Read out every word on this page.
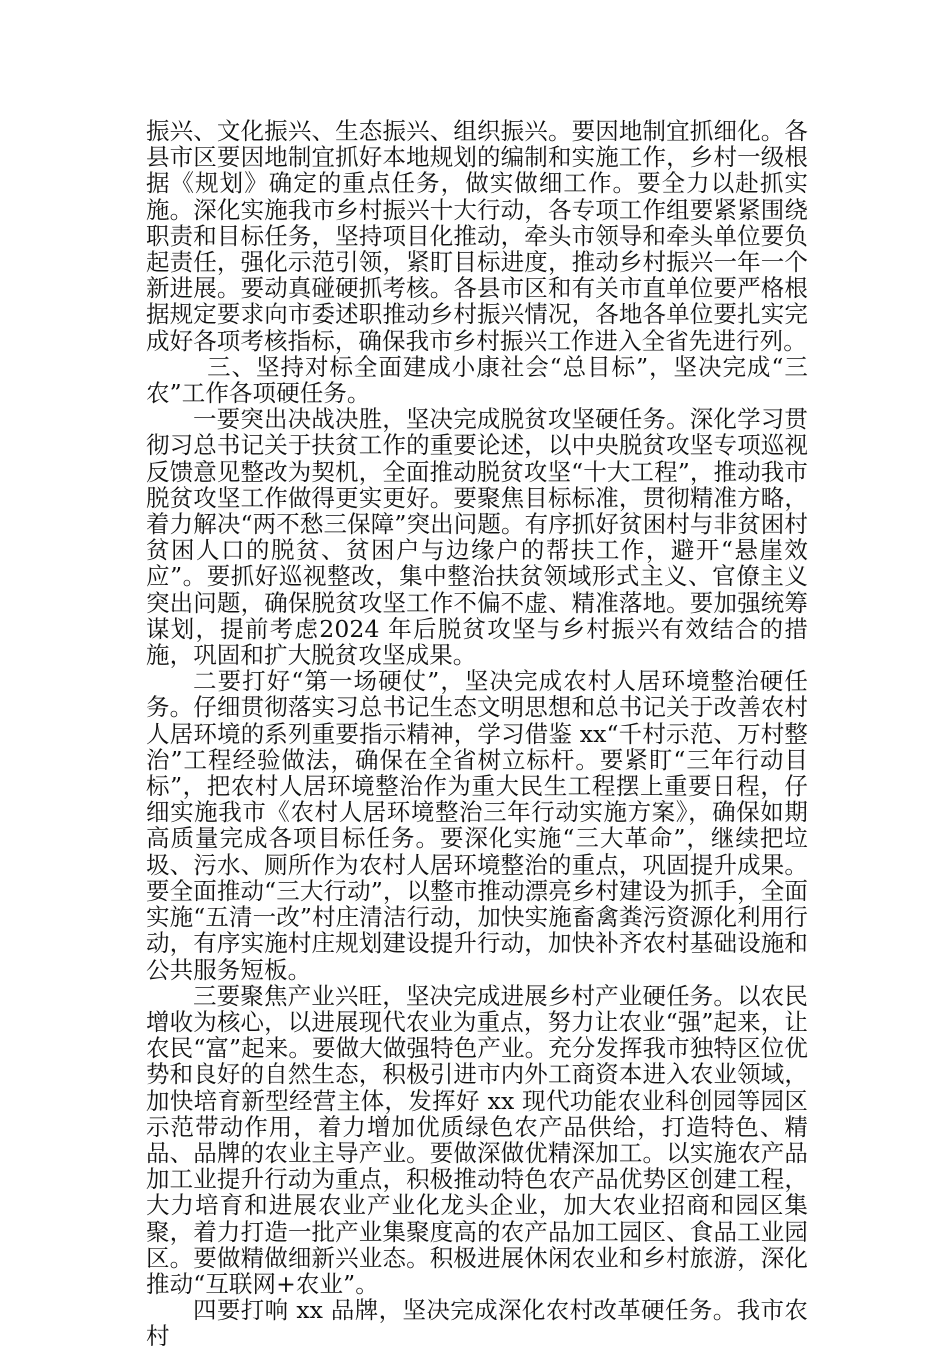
振兴、文化振兴、生态振兴、组织振兴。要因地制宜抓细化。各县市区要因地制宜抓好本地规划的编制和实施工作，乡村一级根据《规划》确定的重点任务，做实做细工作。要全力以赴抓实施。深化实施我市乡村振兴十大行动，各专项工作组要紧紧围绕职责和目标任务，坚持项目化推动，牵头市领导和牵头单位要负起责任，强化示范引领，紧盯目标进度，推动乡村振兴一年一个新进展。要动真碰硬抓考核。各县市区和有关市直单位要严格根据规定要求向市委述职推动乡村振兴情况，各地各单位要扎实完成好各项考核指标，确保我市乡村振兴工作进入全省先进行列。

三、坚持对标全面建成小康社会“总目标”，坚决完成“三农”工作各项硬任务。

一要突出决战决胜，坚决完成脱贫攻坚硬任务。深化学习贯彻习总书记关于扶贫工作的重要论述，以中央脱贫攻坚专项巡视反馈意见整改为契机，全面推动脱贫攻坚“十大工程”，推动我市脱贫攻坚工作做得更实更好。要聚焦目标标准，贯彻精准方略，着力解决“两不愁三保障”突出问题。有序抓好贫困村与非贫困村贫困人口的脱贫、贫困户与边缘户的帮扶工作，避开“悬崖效应”。要抓好巡视整改，集中整治扶贫领域形式主义、官僚主义突出问题，确保脱贫攻坚工作不偏不虚、精准落地。要加强统筹谋划，提前考虑2024 年后脱贫攻坚与乡村振兴有效结合的措施，巩固和扩大脱贫攻坚成果。

二要打好“第一场硬仗”，坚决完成农村人居环境整治硬任务。仔细贯彻落实习总书记生态文明思想和总书记关于改善农村人居环境的系列重要指示精神，学习借鉴 xx“千村示范、万村整治”工程经验做法，确保在全省树立标杆。要紧盯“三年行动目标”，把农村人居环境整治作为重大民生工程摆上重要日程，仔细实施我市《农村人居环境整治三年行动实施方案》，确保如期高质量完成各项目标任务。要深化实施“三大革命”，继续把垃圾、污水、厕所作为农村人居环境整治的重点，巩固提升成果。要全面推动“三大行动”，以整市推动漂亮乡村建设为抓手，全面实施“五清一改”村庄清洁行动，加快实施畜禽粪污资源化利用行动，有序实施村庄规划建设提升行动，加快补齐农村基础设施和公共服务短板。

三要聚焦产业兴旺，坚决完成进展乡村产业硬任务。以农民增收为核心，以进展现代农业为重点，努力让农业“强”起来，让农民“富”起来。要做大做强特色产业。充分发挥我市独特区位优势和良好的自然生态，积极引进市内外工商资本进入农业领域，加快培育新型经营主体，发挥好 xx 现代功能农业科创园等园区示范带动作用，着力增加优质绿色农产品供给，打造特色、精品、品牌的农业主导产业。要做深做优精深加工。以实施农产品加工业提升行动为重点，积极推动特色农产品优势区创建工程，大力培育和进展农业产业化龙头企业，加大农业招商和园区集聚，着力打造一批产业集聚度高的农产品加工园区、食品工业园区。要做精做细新兴业态。积极进展休闲农业和乡村旅游，深化推动“互联网+农业”。

四要打响 xx 品牌，坚决完成深化农村改革硬任务。我市农村
